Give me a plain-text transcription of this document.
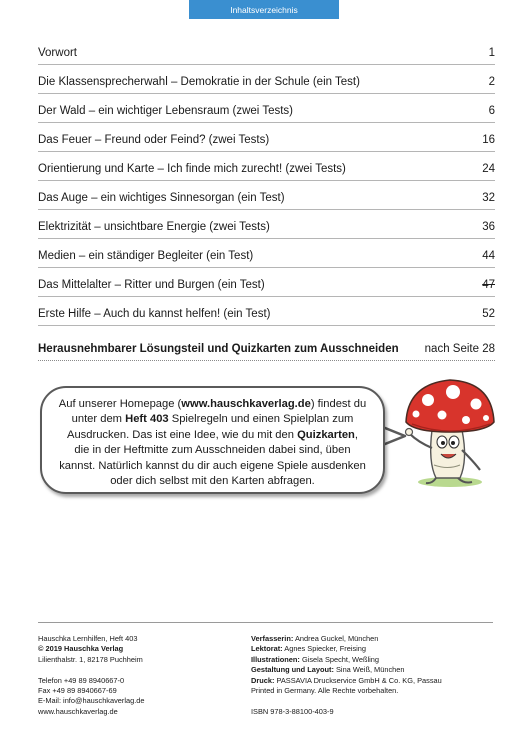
Inhaltsverzeichnis
Vorwort	1
Die Klassensprecherwahl – Demokratie in der Schule (ein Test)	2
Der Wald – ein wichtiger Lebensraum (zwei Tests)	6
Das Feuer – Freund oder Feind? (zwei Tests)	16
Orientierung und Karte – Ich finde mich zurecht! (zwei Tests)	24
Das Auge – ein wichtiges Sinnesorgan (ein Test)	32
Elektrizität – unsichtbare Energie (zwei Tests)	36
Medien – ein ständiger Begleiter (ein Test)	44
Das Mittelalter – Ritter und Burgen (ein Test)	47
Erste Hilfe – Auch du kannst helfen! (ein Test)	52
Herausnehmbarer Lösungsteil und Quizkarten zum Ausschneiden nach Seite 28
Auf unserer Homepage (www.hauschkaverlag.de) findest du unter dem Heft 403 Spielregeln und einen Spielplan zum Ausdrucken. Das ist eine Idee, wie du mit den Quizkarten, die in der Heftmitte zum Ausschneiden dabei sind, üben kannst. Natürlich kannst du dir auch eigene Spiele ausdenken oder dich selbst mit den Karten abfragen.
Hauschka Lernhilfen, Heft 403
© 2019 Hauschka Verlag
Lilienthalstr. 1, 82178 Puchheim
Telefon +49 89 8940667-0
Fax +49 89 8940667-69
E-Mail: info@hauschkaverlag.de
www.hauschkaverlag.de
Verfasserin: Andrea Guckel, München
Lektorat: Agnes Spiecker, Freising
Illustrationen: Gisela Specht, Weßling
Gestaltung und Layout: Sina Weiß, München
Druck: PASSAVIA Druckservice GmbH & Co. KG, Passau
Printed in Germany. Alle Rechte vorbehalten.
ISBN 978-3-88100-403-9
